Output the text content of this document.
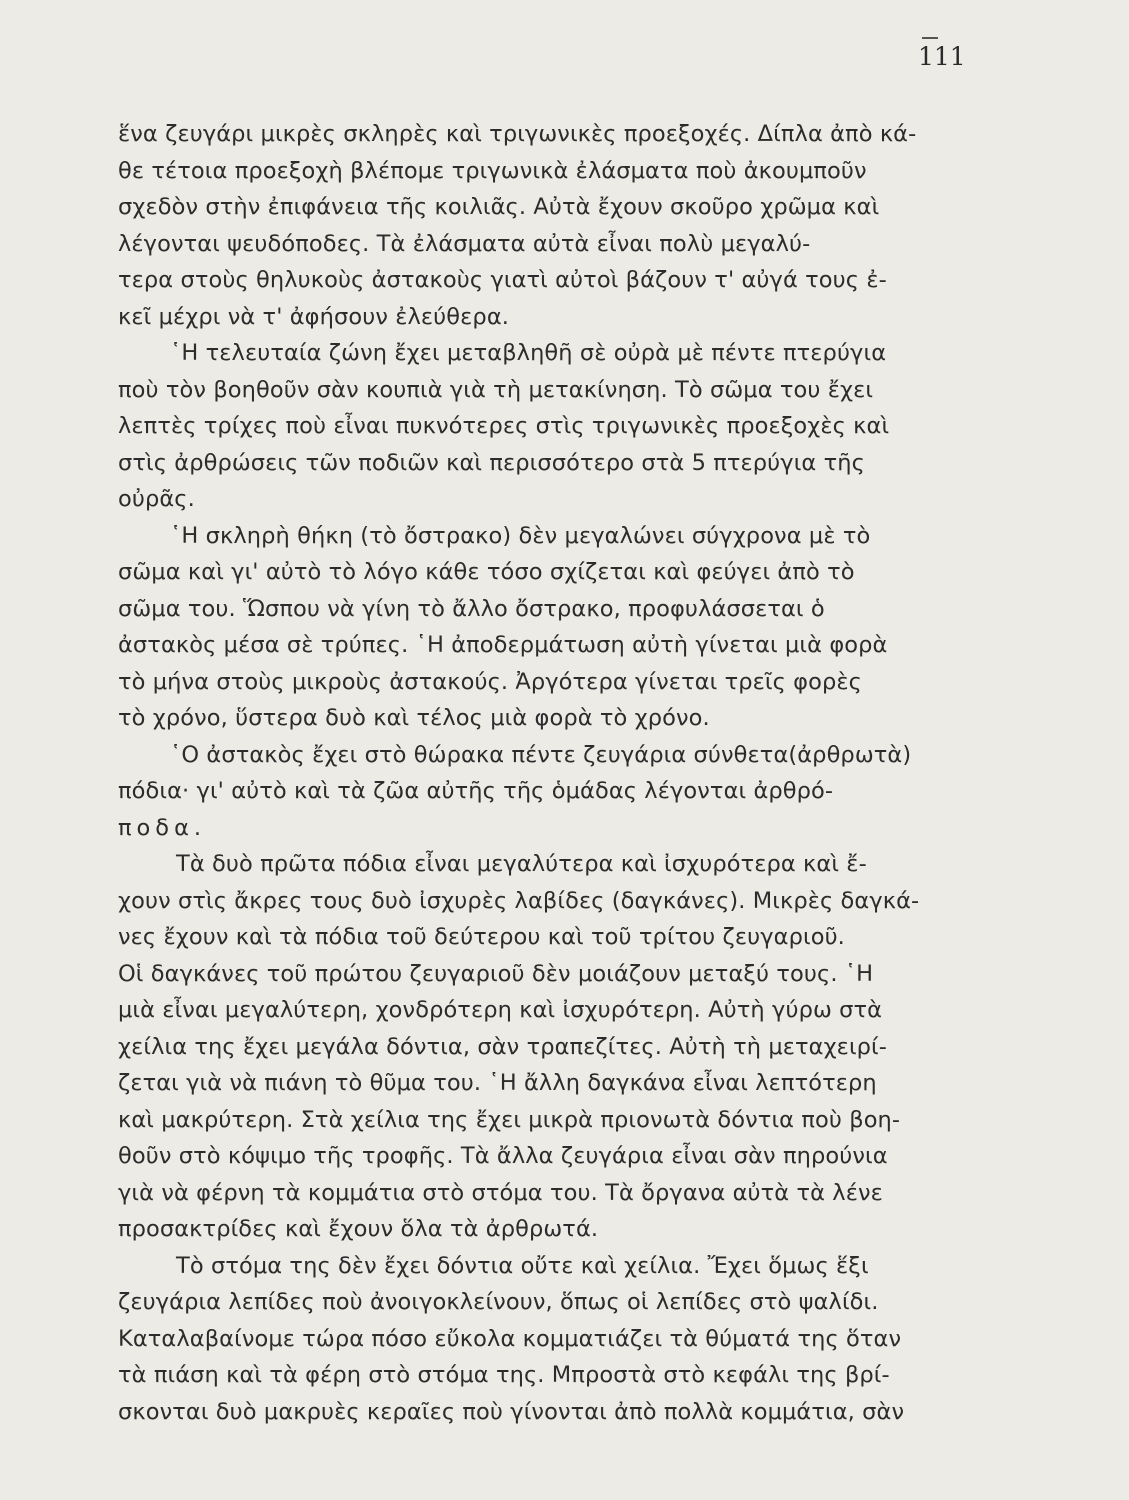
111
ἕνα ζευγάρι μικρὲς σκληρὲς καὶ τριγωνικὲς προεξοχές. Δίπλα ἀπὸ κά-
θε τέτοια προεξοχὴ βλέπομε τριγωνικὰ ἐλάσματα ποὺ ἀκουμποῦν
σχεδὸν στὴν ἐπιφάνεια τῆς κοιλιᾶς. Αὐτὰ ἔχουν σκοῦρο χρῶμα καὶ
λέγονται ψευδόποδες. Τὰ ἐλάσματα αὐτὰ εἶναι πολὺ μεγαλύ-
τερα στοὺς θηλυκοὺς ἀστακοὺς γιατὶ αὐτοὶ βάζουν τ' αὐγά τους ἐ-
κεῖ μέχρι νὰ τ' ἀφήσουν ἐλεύθερα.
῾Η τελευταία ζώνη ἔχει μεταβληθῆ σὲ οὐρὰ μὲ πέντε πτερύγια
ποὺ τὸν βοηθοῦν σὰν κουπιὰ γιὰ τὴ μετακίνηση. Τὸ σῶμα του ἔχει
λεπτὲς τρίχες ποὺ εἶναι πυκνότερες στὶς τριγωνικὲς προεξοχὲς καὶ
στὶς ἀρθρώσεις τῶν ποδιῶν καὶ περισσότερο στὰ 5 πτερύγια τῆς
οὐρᾶς.
῾Η σκληρὴ θήκη (τὸ ὄστρακο) δὲν μεγαλώνει σύγχρονα μὲ τὸ
σῶμα καὶ γι' αὐτὸ τὸ λόγο κάθε τόσο σχίζεται καὶ φεύγει ἀπὸ τὸ
σῶμα του. Ὥσπου νὰ γίνη τὸ ἄλλο ὄστρακο, προφυλάσσεται ὁ
ἀστακὸς μέσα σὲ τρύπες. ῾Η ἀποδερμάτωση αὐτὴ γίνεται μιὰ φορὰ
τὸ μήνα στοὺς μικροὺς ἀστακούς. Ἀργότερα γίνεται τρεῖς φορὲς
τὸ χρόνο, ὕστερα δυὸ καὶ τέλος μιὰ φορὰ τὸ χρόνο.
῾Ο ἀστακὸς ἔχει στὸ θώρακα πέντε ζευγάρια σύνθετα(ἀρθρωτὰ)
πόδια· γι' αὐτὸ καὶ τὰ ζῶα αὐτῆς τῆς ὁμάδας λέγονται ἀρθρό-
ποδα.
Τὰ δυὸ πρῶτα πόδια εἶναι μεγαλύτερα καὶ ἰσχυρότερα καὶ ἔ-
χουν στὶς ἄκρες τους δυὸ ἰσχυρὲς λαβίδες (δαγκάνες). Μικρὲς δαγκά-
νες ἔχουν καὶ τὰ πόδια τοῦ δεύτερου καὶ τοῦ τρίτου ζευγαριοῦ.
Οἱ δαγκάνες τοῦ πρώτου ζευγαριοῦ δὲν μοιάζουν μεταξύ τους. ῾Η
μιὰ εἶναι μεγαλύτερη, χονδρότερη καὶ ἰσχυρότερη. Αὐτὴ γύρω στὰ
χείλια της ἔχει μεγάλα δόντια, σὰν τραπεζίτες. Αὐτὴ τὴ μεταχειρί-
ζεται γιὰ νὰ πιάνη τὸ θῦμα του. ῾Η ἄλλη δαγκάνα εἶναι λεπτότερη
καὶ μακρύτερη. Στὰ χείλια της ἔχει μικρὰ πριονωτὰ δόντια ποὺ βοη-
θοῦν στὸ κόψιμο τῆς τροφῆς. Τὰ ἄλλα ζευγάρια εἶναι σὰν πηρούνια
γιὰ νὰ φέρνη τὰ κομμάτια στὸ στόμα του. Τὰ ὄργανα αὐτὰ τὰ λένε
προσακτρίδες καὶ ἔχουν ὅλα τὰ ἀρθρωτά.
Τὸ στόμα της δὲν ἔχει δόντια οὔτε καὶ χείλια. Ἔχει ὅμως ἕξι
ζευγάρια λεπίδες ποὺ ἀνοιγοκλείνουν, ὅπως οἱ λεπίδες στὸ ψαλίδι.
Καταλαβαίνομε τώρα πόσο εὔκολα κομματιάζει τὰ θύματά της ὅταν
τὰ πιάση καὶ τὰ φέρη στὸ στόμα της. Μπροστὰ στὸ κεφάλι της βρί-
σκονται δυὸ μακρυὲς κεραῖες ποὺ γίνονται ἀπὸ πολλὰ κομμάτια, σὰν
